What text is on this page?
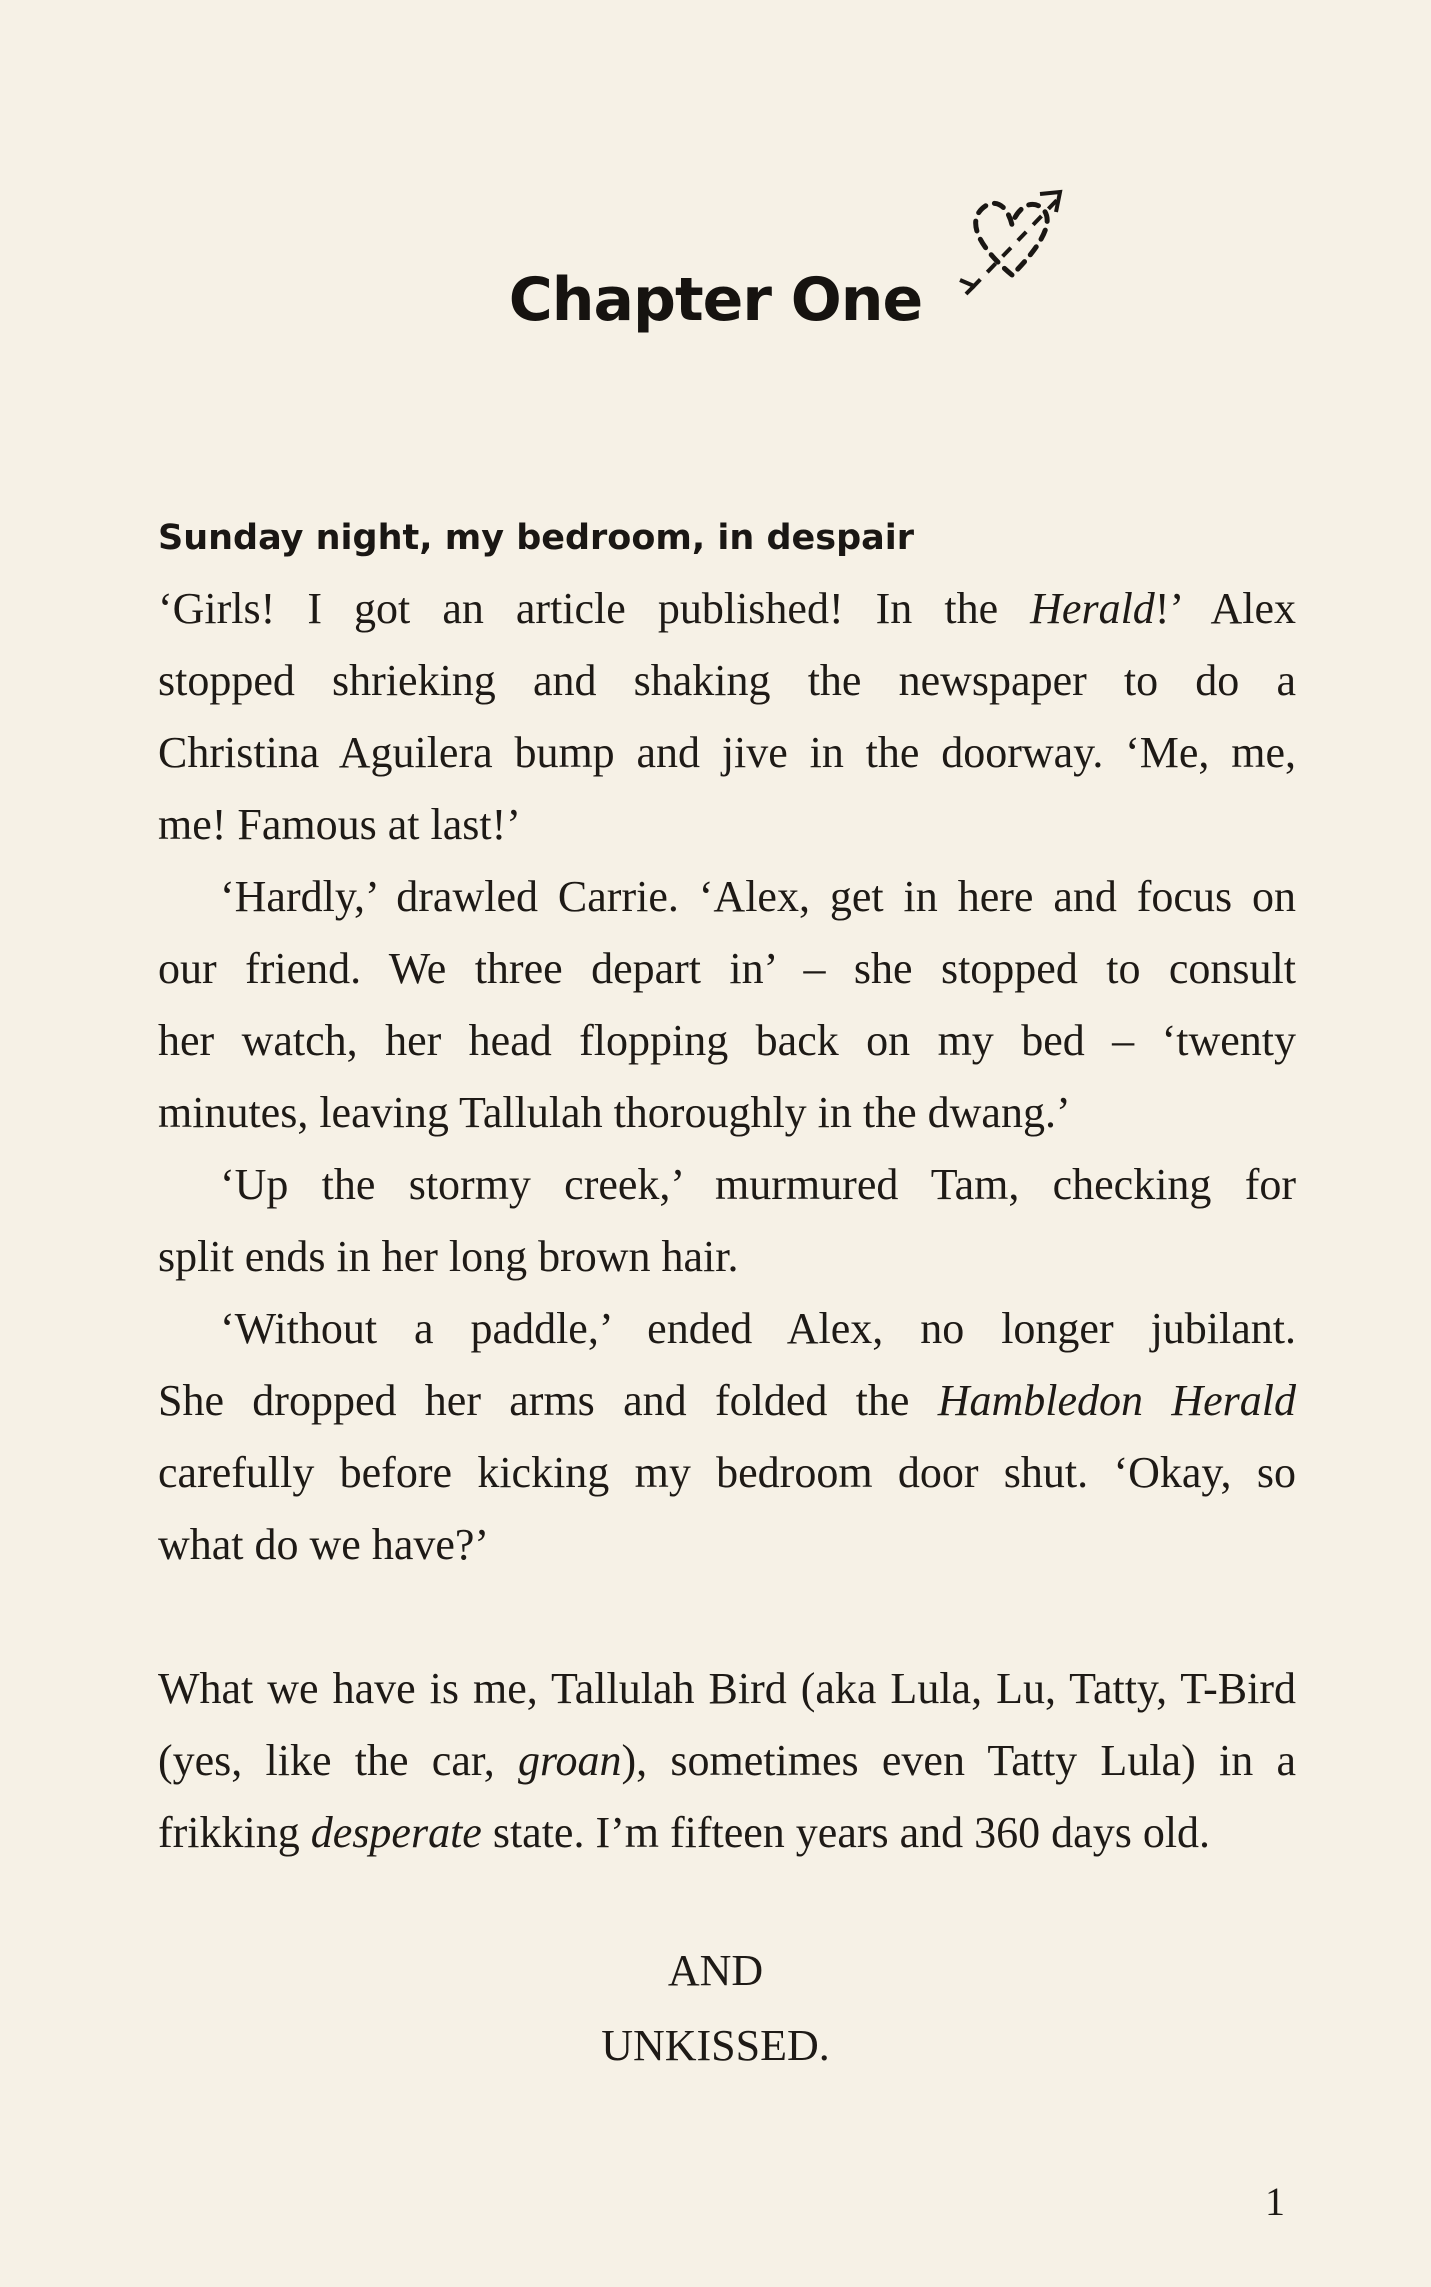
Chapter One
Sunday night, my bedroom, in despair
‘Girls! I got an article published! In the Herald!’ Alex
stopped shrieking and shaking the newspaper to do a
Christina Aguilera bump and jive in the doorway. ‘Me, me,
me! Famous at last!’
‘Hardly,’ drawled Carrie. ‘Alex, get in here and focus on
our friend. We three depart in’ – she stopped to consult
her watch, her head flopping back on my bed – ‘twenty
minutes, leaving Tallulah thoroughly in the dwang.’
‘Up the stormy creek,’ murmured Tam, checking for
split ends in her long brown hair.
‘Without a paddle,’ ended Alex, no longer jubilant.
She dropped her arms and folded the Hambledon Herald
carefully before kicking my bedroom door shut. ‘Okay, so
what do we have?’
What we have is me, Tallulah Bird (aka Lula, Lu, Tatty, T-Bird
(yes, like the car, groan), sometimes even Tatty Lula) in a
frikking desperate state. I’m fifteen years and 360 days old.
AND
UNKISSED.
1
